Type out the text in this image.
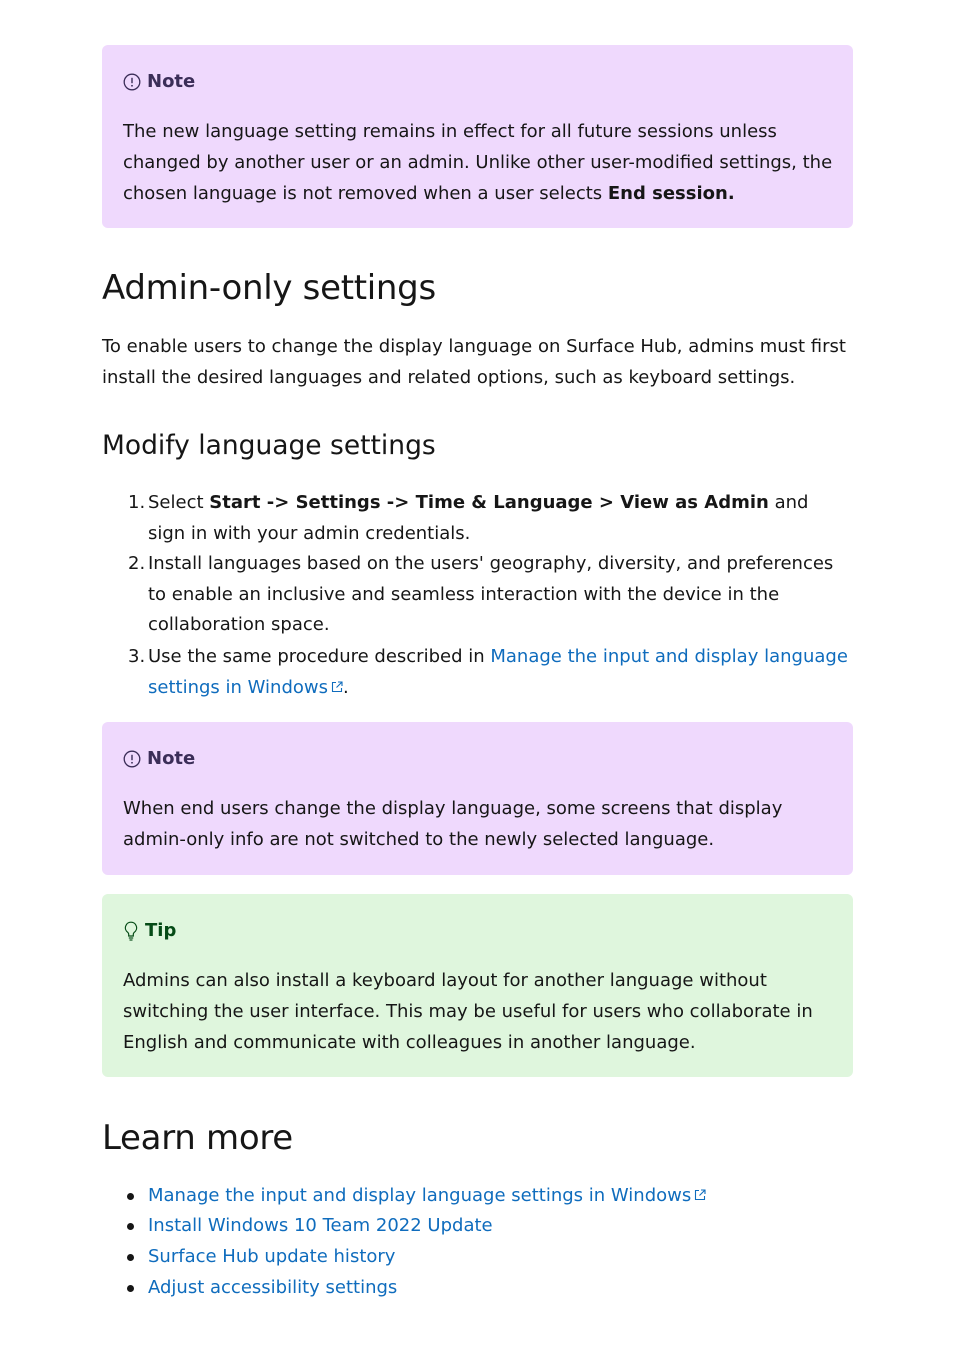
Note

The new language setting remains in effect for all future sessions unless changed by another user or an admin. Unlike other user-modified settings, the chosen language is not removed when a user selects End session.

Admin-only settings

To enable users to change the display language on Surface Hub, admins must first install the desired languages and related options, such as keyboard settings.

Modify language settings
1. Select Start -> Settings -> Time & Language > View as Admin and sign in with your admin credentials.
2. Install languages based on the users' geography, diversity, and preferences to enable an inclusive and seamless interaction with the device in the collaboration space.
3. Use the same procedure described in Manage the input and display language settings in Windows .
Note

When end users change the display language, some screens that display admin-only info are not switched to the newly selected language.

Tip

Admins can also install a keyboard layout for another language without switching the user interface. This may be useful for users who collaborate in English and communicate with colleagues in another language.

Learn more
Manage the input and display language settings in Windows
Install Windows 10 Team 2022 Update
Surface Hub update history
Adjust accessibility settings
